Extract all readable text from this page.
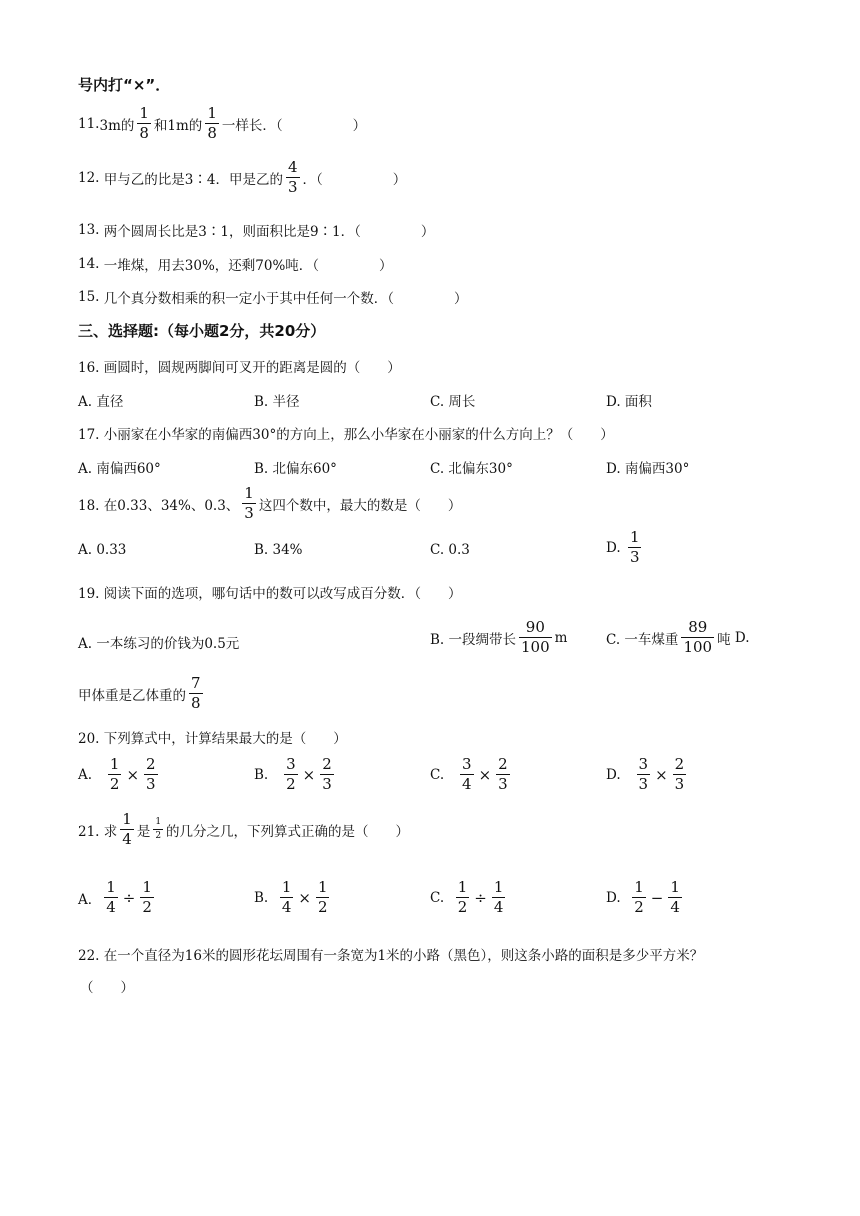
号内打“×”．
11. 3m的 $\frac{1}{8}$ 和1m的 $\frac{1}{8}$ 一样长．（	）
12.
甲与乙的比是3∶4．甲是乙的 $\frac{4}{3}$ ．（	）
13.
两个圆周长比是3∶1，则面积比是9∶1．（	）
14.
一堆煤，用去30%，还剩70%吨．（	）
15.
几个真分数相乘的积一定小于其中任何一个数．（	）
三、选择题:（每小题2分，共20分）
16. 画圆时，圆规两脚间可叉开的距离是圆的（　　）
A. 直径	B. 半径	C. 周长	D. 面积
17. 小丽家在小华家的南偏西30°的方向上，那么小华家在小丽家的什么方向上？（　　）
A. 南偏西60°	B. 北偏东60°	C. 北偏东30°	D. 南偏西30°
18. 在0.33、34%、0.3、 $\frac{1}{3}$ 这四个数中，最大的数是（　　）
A. 0.33	B. 34%	C. 0.3	D.
$\frac{1}{3}$
19. 阅读下面的选项，哪句话中的数可以改写成百分数．（　　）
A. 一本练习的价钱为0.5元	B. 一段绸带长 $\frac{90}{100}$ m	C. 一车煤重 $\frac{89}{100}$ 吨
D.
甲体重是乙体重的 $\frac{7}{8}$
20. 下列算式中，计算结果最大的是（　　）
A.
$\frac{1}{2} \times \frac{2}{3}$	B.
$\frac{3}{2} \times \frac{2}{3}$	C.
$\frac{3}{4} \times \frac{2}{3}$	D.
$\frac{3}{3} \times \frac{2}{3}$
21. 求 $\frac{1}{4}$ 是 $\frac{1}{2}$ 的几分之几，下列算式正确的是（　　）
A． $\frac{1}{4} \div \frac{1}{2}$	B.
$\frac{1}{4} \times \frac{1}{2}$	C.
$\frac{1}{2} \div \frac{1}{4}$	D.
$\frac{1}{2} - \frac{1}{4}$
22. 在一个直径为16米的圆形花坛周围有一条宽为1米的小路（黑色），则这条小路的面积是多少平方米？
（　　）
